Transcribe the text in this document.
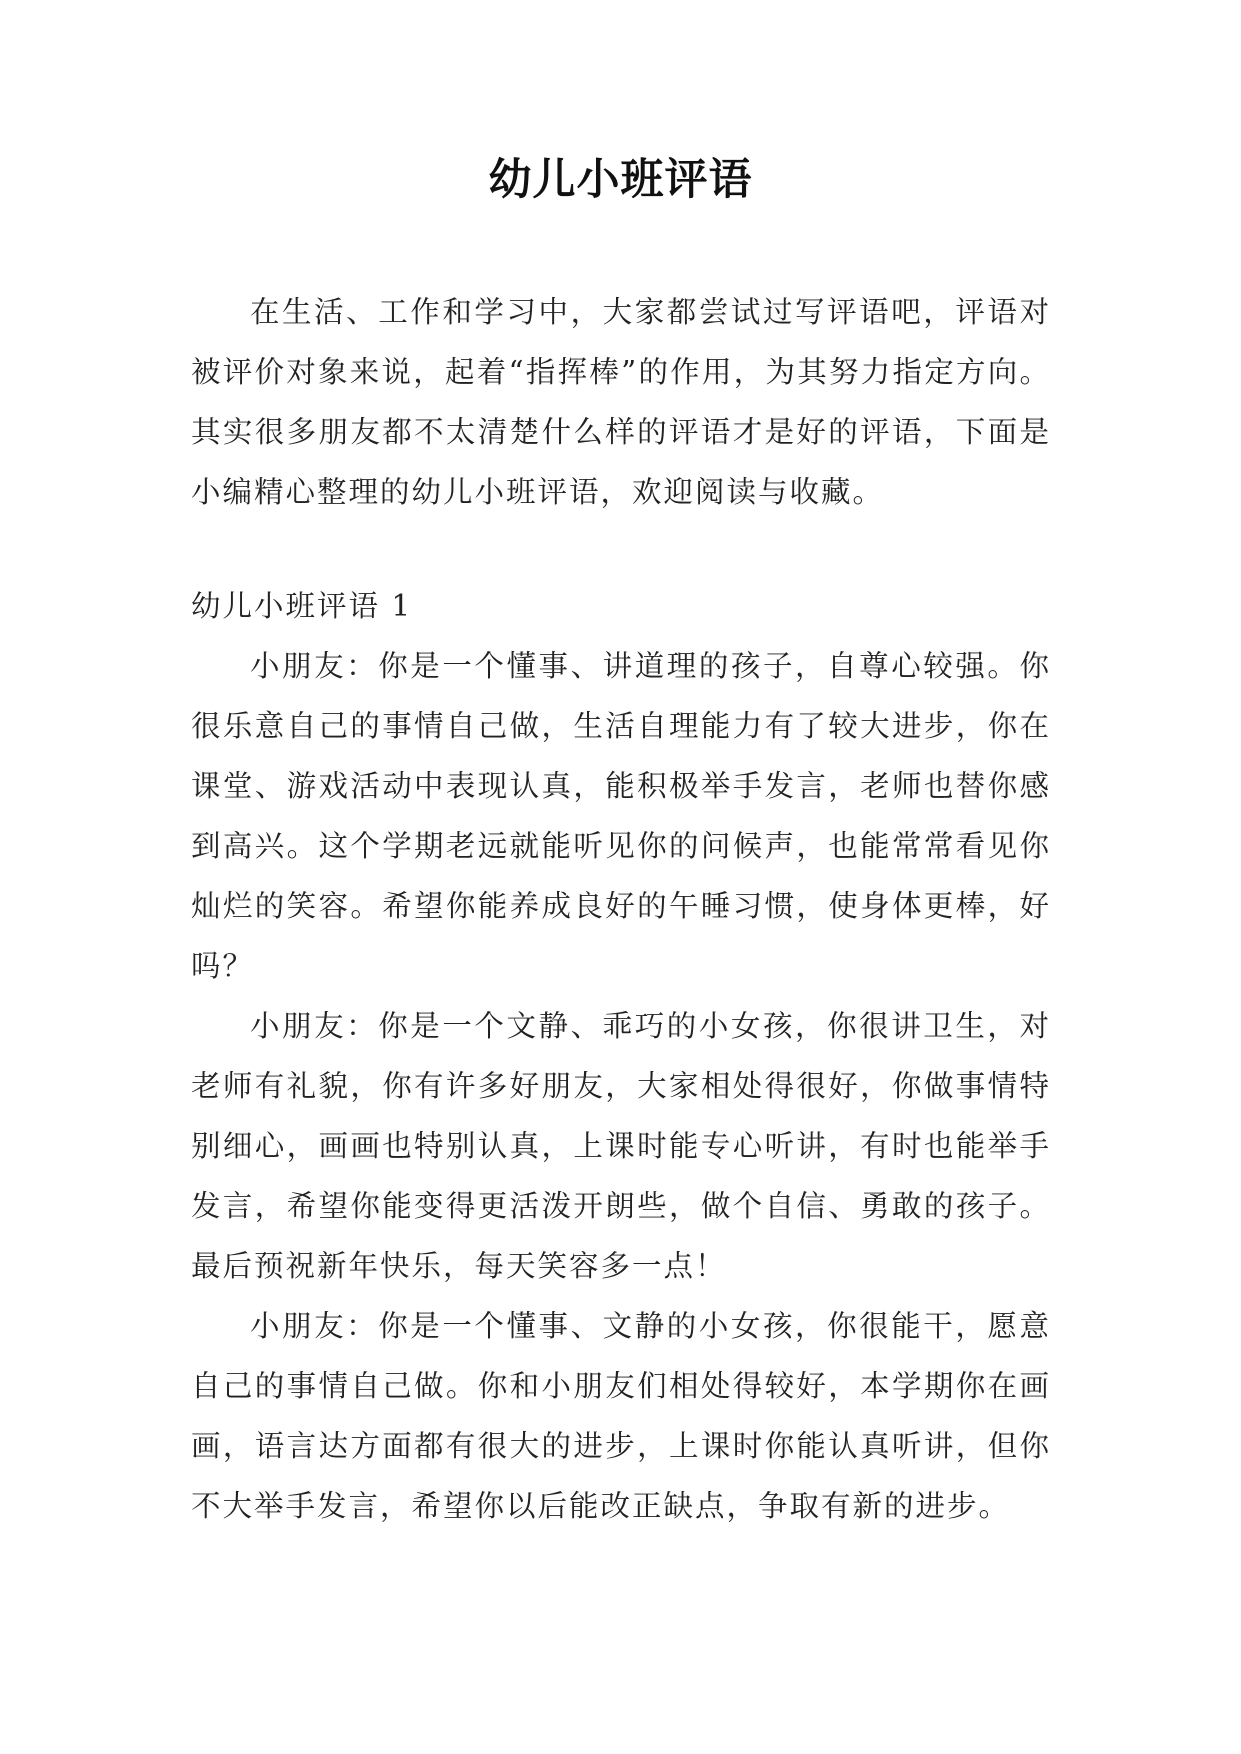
幼儿小班评语

在生活、工作和学习中，大家都尝试过写评语吧，评语对被评价对象来说，起着“指挥棒”的作用，为其努力指定方向。其实很多朋友都不太清楚什么样的评语才是好的评语，下面是小编精心整理的幼儿小班评语，欢迎阅读与收藏。

幼儿小班评语 1

小朋友：你是一个懂事、讲道理的孩子，自尊心较强。你很乐意自己的事情自己做，生活自理能力有了较大进步，你在课堂、游戏活动中表现认真，能积极举手发言，老师也替你感到高兴。这个学期老远就能听见你的问候声，也能常常看见你灿烂的笑容。希望你能养成良好的午睡习惯，使身体更棒，好吗？

小朋友：你是一个文静、乖巧的小女孩，你很讲卫生，对老师有礼貌，你有许多好朋友，大家相处得很好，你做事情特别细心，画画也特别认真，上课时能专心听讲，有时也能举手发言，希望你能变得更活泼开朗些，做个自信、勇敢的孩子。最后预祝新年快乐，每天笑容多一点！

小朋友：你是一个懂事、文静的小女孩，你很能干，愿意自己的事情自己做。你和小朋友们相处得较好，本学期你在画画，语言达方面都有很大的进步，上课时你能认真听讲，但你不大举手发言，希望你以后能改正缺点，争取有新的进步。
